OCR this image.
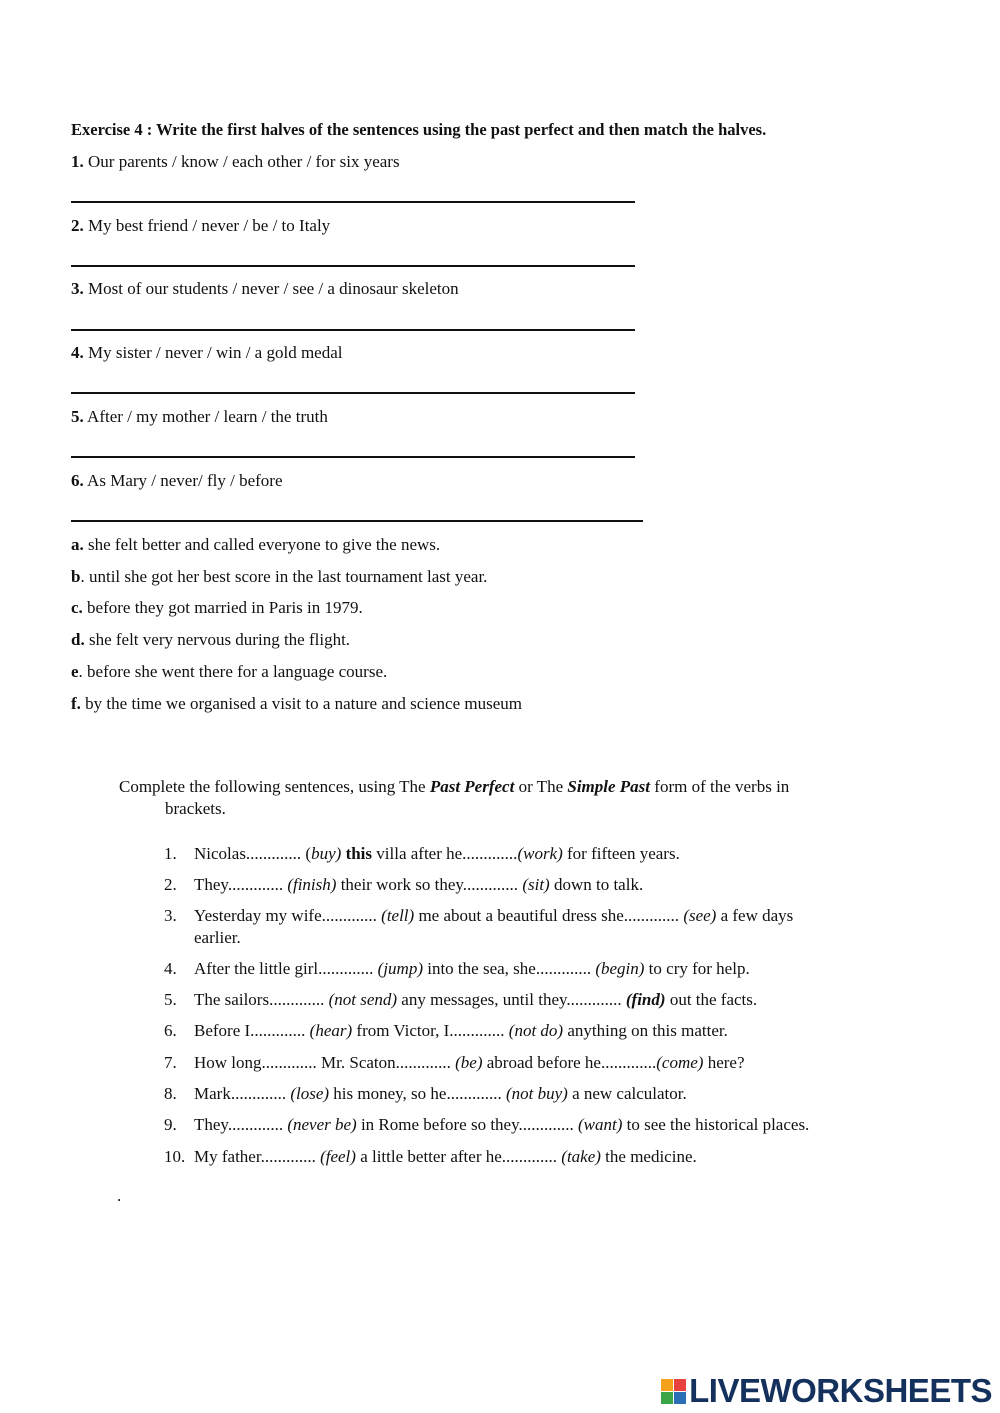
Exercise 4 : Write the first halves of the sentences using the past perfect and then match the halves.
1. Our parents / know / each other / for six years
2. My best friend / never / be / to Italy
3. Most of our students / never / see / a dinosaur skeleton
4. My sister / never / win / a gold medal
5. After / my mother / learn / the truth
6. As Mary / never/ fly / before
a. she felt better and called everyone to give the news.
b. until she got her best score in the last tournament last year.
c. before they got married in Paris in 1979.
d. she felt very nervous during the flight.
e. before she went there for a language course.
f. by the time we organised a visit to a nature and science museum
Complete the following sentences, using The Past Perfect or The Simple Past form of the verbs in
brackets.
1. Nicolas............. (buy) this villa after he.............(work) for fifteen years.
2. They............. (finish) their work so they............. (sit) down to talk.
3. Yesterday my wife............. (tell) me about a beautiful dress she............. (see) a few days
earlier.
4. After the little girl............. (jump) into the sea, she............. (begin) to cry for help.
5. The sailors............. (not send) any messages, until they............. (find) out the facts.
6. Before I............. (hear) from Victor, I............. (not do) anything on this matter.
7. How long............. Mr. Scaton............. (be) abroad before he.............(come) here?
8. Mark............. (lose) his money, so he............. (not buy) a new calculator.
9. They............. (never be) in Rome before so they............. (want) to see the historical places.
10. My father............. (feel) a little better after he............. (take) the medicine.
.
LIVEWORKSHEETS
